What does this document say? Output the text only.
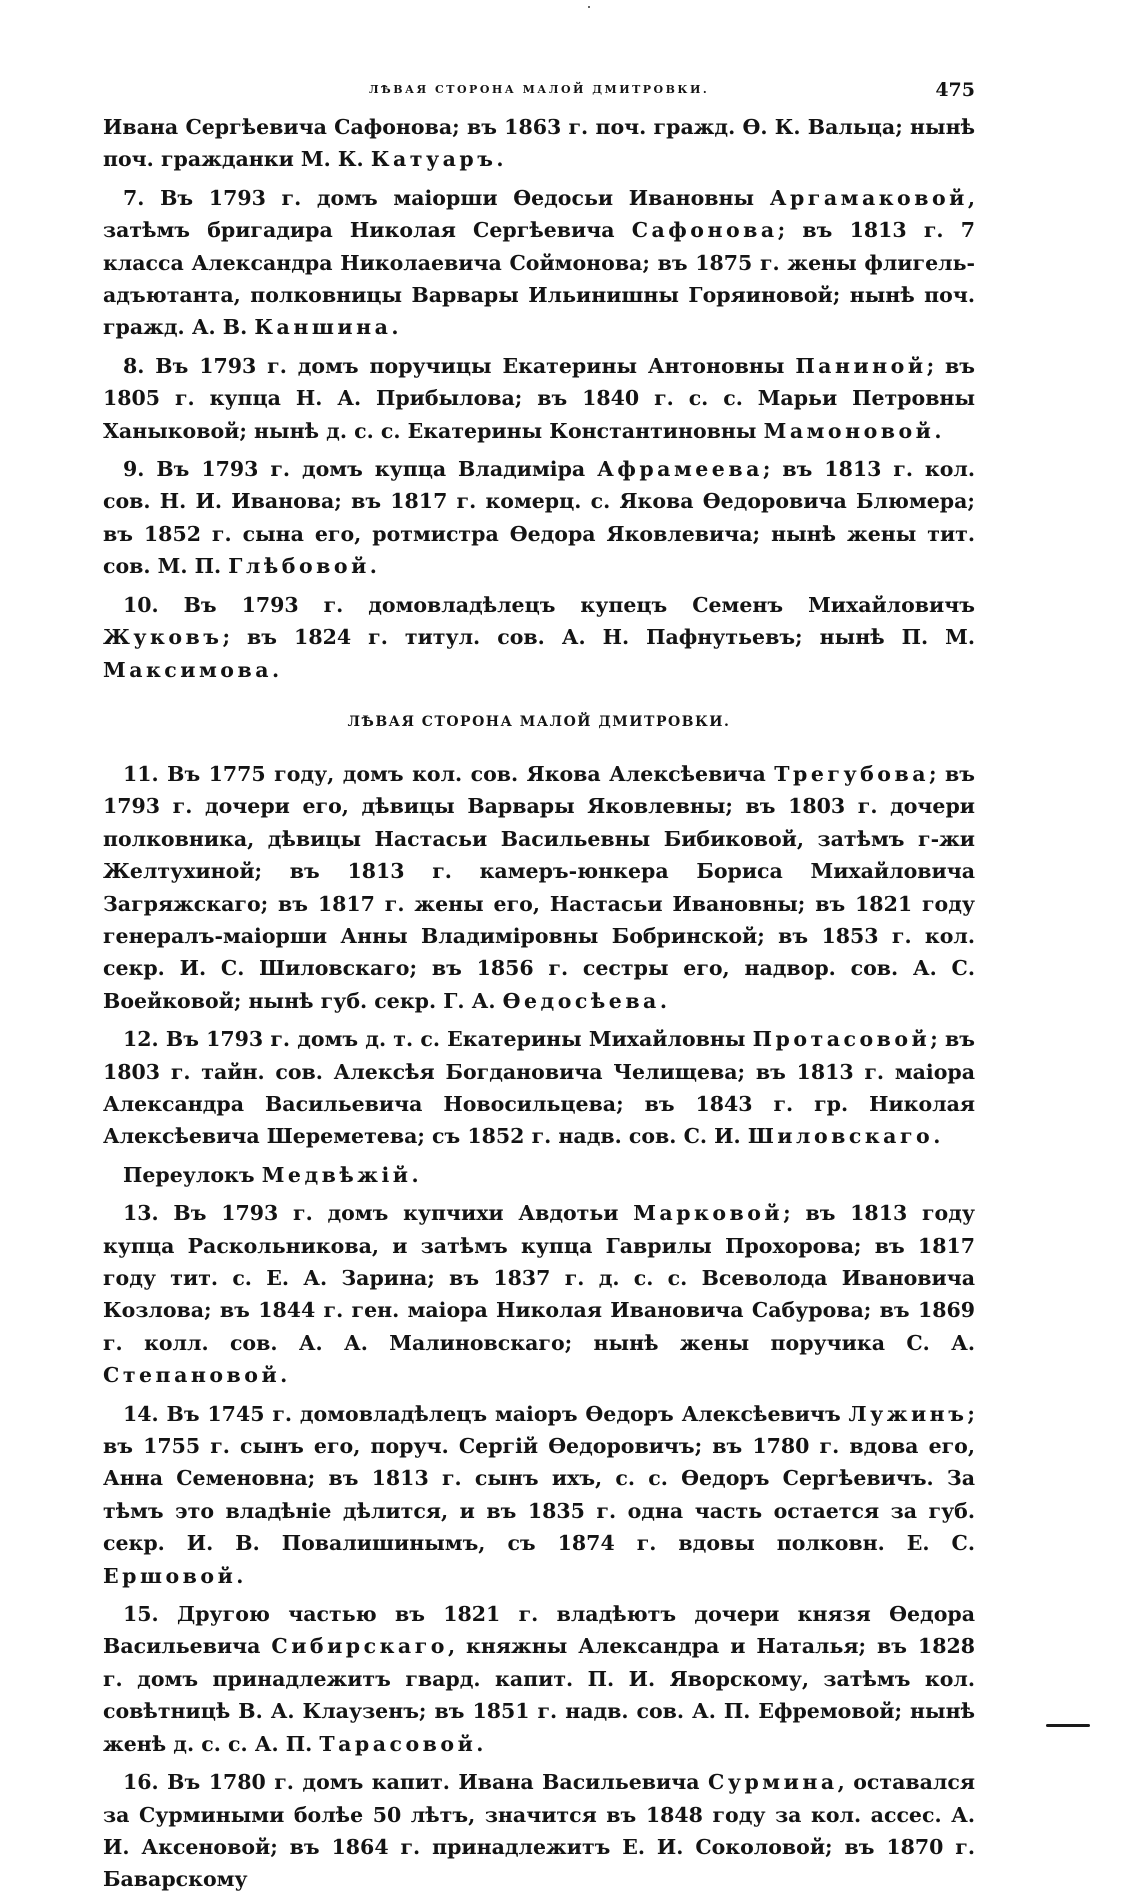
ЛѢВАЯ СТОРОНА МАЛОЙ ДМИТРОВКИ.	475

Ивана Сергѣевича Сафонова; въ 1863 г. поч. гражд. Ѳ. К. Вальца; нынѣ поч. гражданки М. К. Катуаръ.

7. Въ 1793 г. домъ маіорши Ѳедосьи Ивановны Аргамаковой, затѣмъ бригадира Николая Сергѣевича Сафонова; въ 1813 г. 7 класса Александра Николаевича Соймонова; въ 1875 г. жены флигель-адъютанта, полковницы Варвары Ильинишны Горяиновой; нынѣ поч. гражд. А. В. Каншина.

8. Въ 1793 г. домъ поручицы Екатерины Антоновны Паниной; въ 1805 г. купца Н. А. Прибылова; въ 1840 г. с. с. Марьи Петровны Ханыковой; нынѣ д. с. с. Екатерины Константиновны Мамоновой.

9. Въ 1793 г. домъ купца Владиміра Афрамеева; въ 1813 г. кол. сов. Н. И. Иванова; въ 1817 г. комерц. с. Якова Ѳедоровича Блюмера; въ 1852 г. сына его, ротмистра Ѳедора Яковлевича; нынѣ жены тит. сов. М. П. Глѣбовой.

10. Въ 1793 г. домовладѣлецъ купецъ Семенъ Михайловичъ Жуковъ; въ 1824 г. титул. сов. А. Н. Пафнутьевъ; нынѣ П. М. Максимова.

ЛѢВАЯ СТОРОНА МАЛОЙ ДМИТРОВКИ.

11. Въ 1775 году, домъ кол. сов. Якова Алексѣевича Трегубова; въ 1793 г. дочери его, дѣвицы Варвары Яковлевны; въ 1803 г. дочери полковника, дѣвицы Настасьи Васильевны Бибиковой, затѣмъ г-жи Желтухиной; въ 1813 г. камеръ-юнкера Бориса Михайловича Загряжскаго; въ 1817 г. жены его, Настасьи Ивановны; въ 1821 году генералъ-маіорши Анны Владиміровны Бобринской; въ 1853 г. кол. секр. И. С. Шиловскаго; въ 1856 г. сестры его, надвор. сов. А. С. Воейковой; нынѣ губ. секр. Г. А. Ѳедосѣева.

12. Въ 1793 г. домъ д. т. с. Екатерины Михайловны Протасовой; въ 1803 г. тайн. сов. Алексѣя Богдановича Челищева; въ 1813 г. маіора Александра Васильевича Новосильцева; въ 1843 г. гр. Николая Алексѣевича Шереметева; съ 1852 г. надв. сов. С. И. Шиловскаго.

Переулокъ Медвѣжій.

13. Въ 1793 г. домъ купчихи Авдотьи Марковой; въ 1813 году купца Раскольникова, и затѣмъ купца Гаврилы Прохорова; въ 1817 году тит. с. Е. А. Зарина; въ 1837 г. д. с. с. Всеволода Ивановича Козлова; въ 1844 г. ген. маіора Николая Ивановича Сабурова; въ 1869 г. колл. сов. А. А. Малиновскаго; нынѣ жены поручика С. А. Степановой.

14. Въ 1745 г. домовладѣлецъ маіоръ Ѳедоръ Алексѣевичъ Лужинъ; въ 1755 г. сынъ его, поруч. Сергій Ѳедоровичъ; въ 1780 г. вдова его, Анна Семеновна; въ 1813 г. сынъ ихъ, с. с. Ѳедоръ Сергѣевичъ. За тѣмъ это владѣніе дѣлится, и въ 1835 г. одна часть остается за губ. секр. И. В. Повалишинымъ, съ 1874 г. вдовы полковн. Е. С. Ершовой.

15. Другою частью въ 1821 г. владѣютъ дочери князя Ѳедора Васильевича Сибирскаго, княжны Александра и Наталья; въ 1828 г. домъ принадлежитъ гвард. капит. П. И. Яворскому, затѣмъ кол. совѣтницѣ В. А. Клаузенъ; въ 1851 г. надв. сов. А. П. Ефремовой; нынѣ женѣ д. с. с. А. П. Тарасовой.

16. Въ 1780 г. домъ капит. Ивана Васильевича Сурмина, оставался за Сурмиными болѣе 50 лѣтъ, значится въ 1848 году за кол. ассес. А. И. Аксеновой; въ 1864 г. принадлежитъ Е. И. Соколовой; въ 1870 г. Баварскому
